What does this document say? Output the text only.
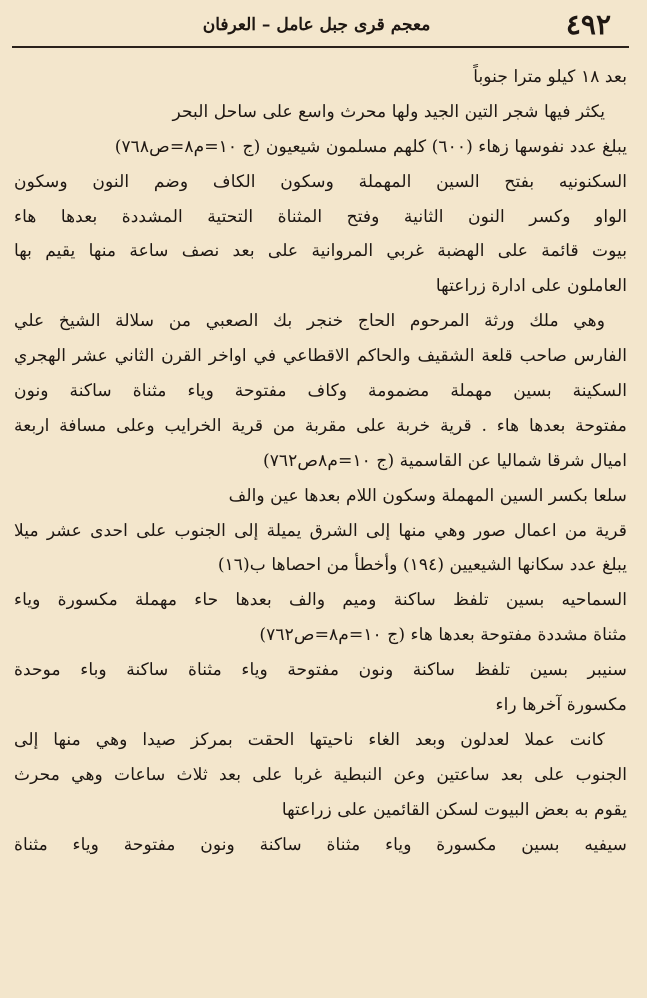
٤٩٢
معجم قرى جبل عامل – العرفان
بعد ١٨ كيلو مترا جنوباً
يكثر فيها شجر التين الجيد ولها محرث واسع على ساحل البحر
يبلغ عدد نفوسها زهاء (٦٠٠) كلهم مسلمون شيعيون (ج ١٠=م٨=ص٧٦٨)
السكنونيه بفتح السين المهملة وسكون الكاف وضم النون وسكون
الواو وكسر النون الثانية وفتح المثناة التحتية المشددة بعدها هاء
بيوت قائمة على الهضبة غربي المروانية على بعد نصف ساعة منها يقيم بها
العاملون على ادارة زراعتها
وهي ملك ورثة المرحوم الحاج خنجر بك الصعبي من سلالة الشيخ علي
الفارس صاحب قلعة الشقيف والحاكم الاقطاعي في اواخر القرن الثاني عشر الهجري
السكينة بسين مهملة مضمومة وكاف مفتوحة وياء مثناة ساكنة ونون
مفتوحة بعدها هاء . قرية خربة على مقربة من قرية الخرايب وعلى مسافة اربعة
اميال شرقا شماليا عن القاسمية (ج ١٠=م٨ص٧٦٢)
سلعا بكسر السين المهملة وسكون اللام بعدها عين والف
قرية من اعمال صور وهي منها إلى الشرق يميلة إلى الجنوب على احدى عشر ميلا
يبلغ عدد سكانها الشيعيين (١٩٤) وأخطأ من احصاها ب(١٦)
السماحيه بسين تلفظ ساكنة وميم والف بعدها حاء مهملة مكسورة وياء
مثناة مشددة مفتوحة بعدها هاء (ج ١٠=م٨=ص٧٦٢)
سنيبر بسين تلفظ ساكنة ونون مفتوحة وياء مثناة ساكنة وباء موحدة
مكسورة آخرها راء
كانت عملا لعدلون وبعد الغاء ناحيتها الحقت بمركز صيدا وهي منها إلى
الجنوب على بعد ساعتين وعن النبطية غربا على بعد ثلاث ساعات وهي محرث
يقوم به بعض البيوت لسكن القائمين على زراعتها
سيفيه بسين مكسورة وياء مثناة ساكنة ونون مفتوحة وياء مثناة
